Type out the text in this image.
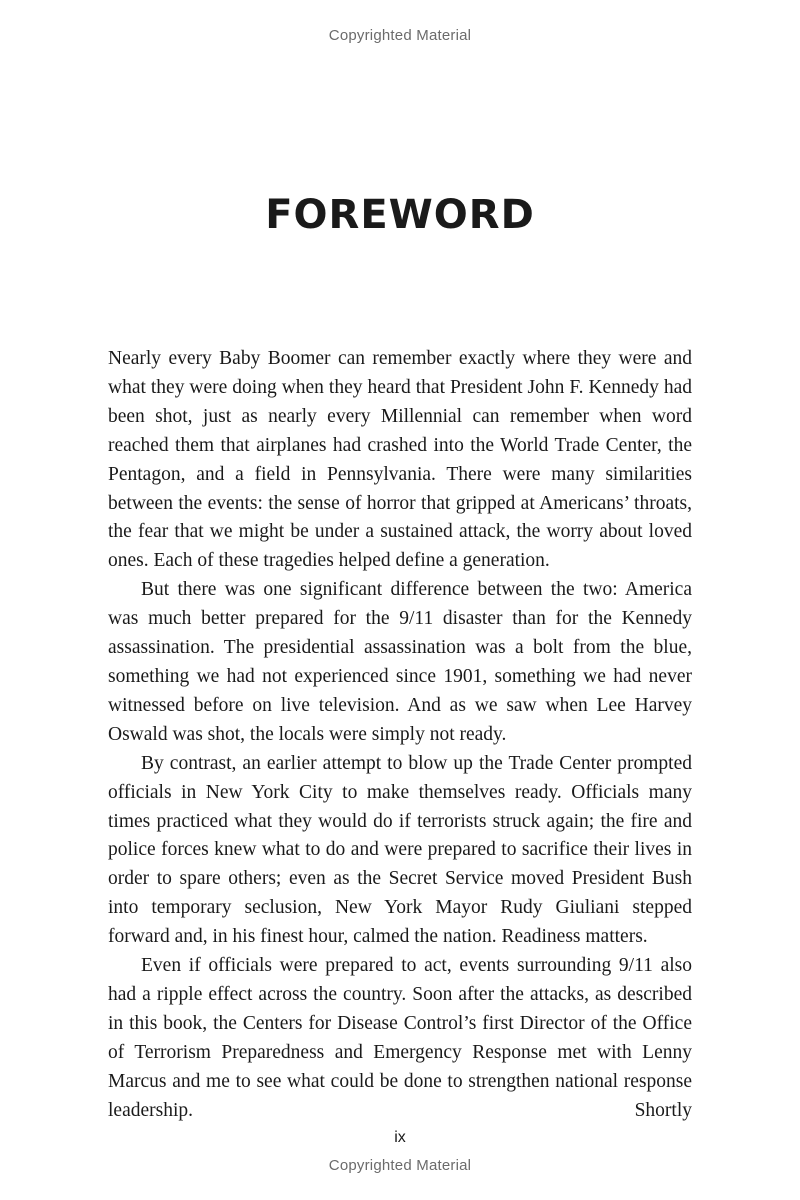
Copyrighted Material
FOREWORD

Nearly every Baby Boomer can remember exactly where they were and what they were doing when they heard that President John F. Kennedy had been shot, just as nearly every Millennial can remember when word reached them that airplanes had crashed into the World Trade Center, the Pentagon, and a field in Pennsylvania. There were many similarities between the events: the sense of horror that gripped at Americans’ throats, the fear that we might be under a sustained attack, the worry about loved ones. Each of these tragedies helped define a generation.

But there was one significant difference between the two: America was much better prepared for the 9/11 disaster than for the Kennedy assassination. The presidential assassination was a bolt from the blue, something we had not experienced since 1901, something we had never witnessed before on live television. And as we saw when Lee Harvey Oswald was shot, the locals were simply not ready.

By contrast, an earlier attempt to blow up the Trade Center prompted officials in New York City to make themselves ready. Officials many times practiced what they would do if terrorists struck again; the fire and police forces knew what to do and were prepared to sacrifice their lives in order to spare others; even as the Secret Service moved President Bush into temporary seclusion, New York Mayor Rudy Giuliani stepped forward and, in his finest hour, calmed the nation. Readiness matters.

Even if officials were prepared to act, events surrounding 9/11 also had a ripple effect across the country. Soon after the attacks, as described in this book, the Centers for Disease Control’s first Director of the Office of Terrorism Preparedness and Emergency Response met with Lenny Marcus and me to see what could be done to strengthen national response leadership. Shortly

ix
Copyrighted Material
